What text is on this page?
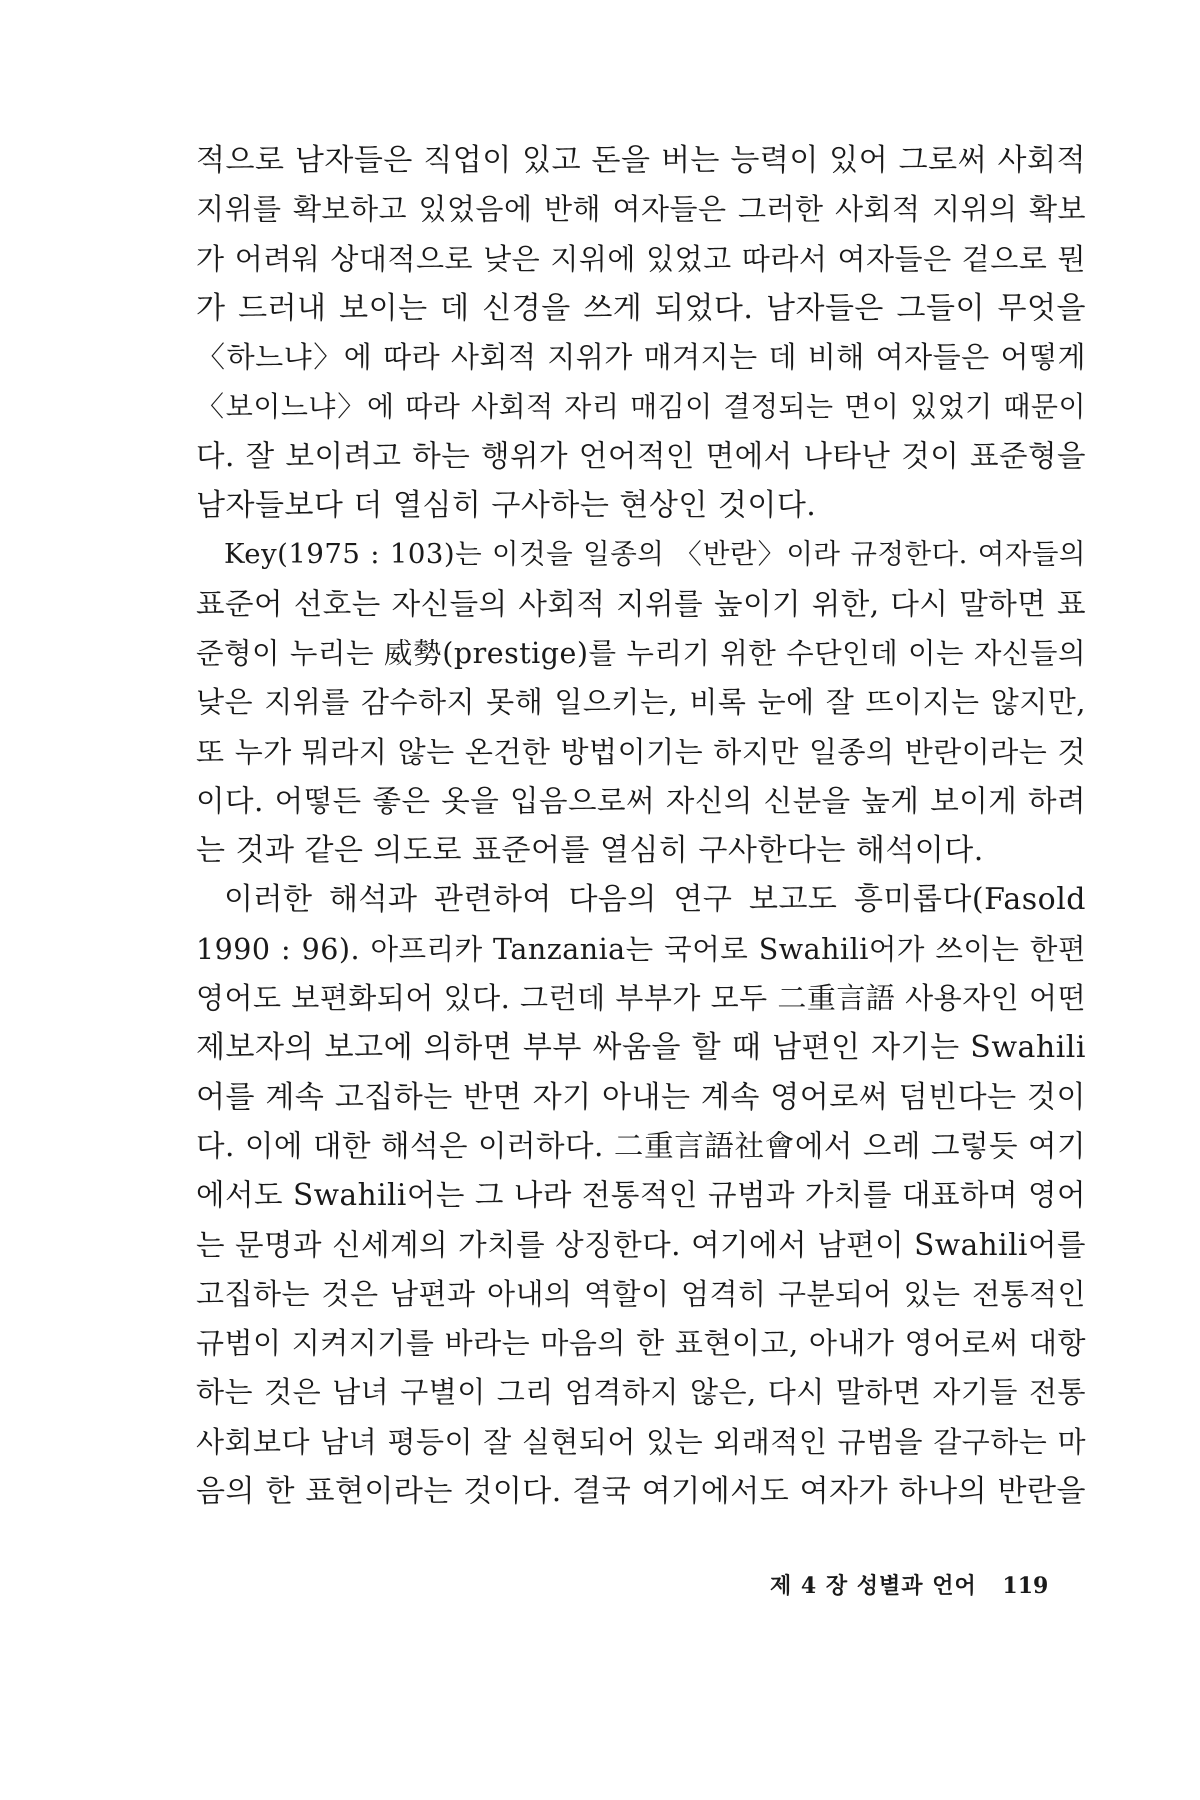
적으로 남자들은 직업이 있고 돈을 버는 능력이 있어 그로써 사회적
지위를 확보하고 있었음에 반해 여자들은 그러한 사회적 지위의 확보
가 어려워 상대적으로 낮은 지위에 있었고 따라서 여자들은 겉으로 뭔
가 드러내 보이는 데 신경을 쓰게 되었다. 남자들은 그들이 무엇을
〈하느냐〉에 따라 사회적 지위가 매겨지는 데 비해 여자들은 어떻게
〈보이느냐〉에 따라 사회적 자리 매김이 결정되는 면이 있었기 때문이
다. 잘 보이려고 하는 행위가 언어적인 면에서 나타난 것이 표준형을
남자들보다 더 열심히 구사하는 현상인 것이다.
Key(1975 : 103)는 이것을 일종의 〈반란〉이라 규정한다. 여자들의
표준어 선호는 자신들의 사회적 지위를 높이기 위한, 다시 말하면 표
준형이 누리는 威勢(prestige)를 누리기 위한 수단인데 이는 자신들의
낮은 지위를 감수하지 못해 일으키는, 비록 눈에 잘 뜨이지는 않지만,
또 누가 뭐라지 않는 온건한 방법이기는 하지만 일종의 반란이라는 것
이다. 어떻든 좋은 옷을 입음으로써 자신의 신분을 높게 보이게 하려
는 것과 같은 의도로 표준어를 열심히 구사한다는 해석이다.
이러한 해석과 관련하여 다음의 연구 보고도 흥미롭다(Fasold
1990 : 96). 아프리카 Tanzania는 국어로 Swahili어가 쓰이는 한편
영어도 보편화되어 있다. 그런데 부부가 모두 二重言語 사용자인 어떤
제보자의 보고에 의하면 부부 싸움을 할 때 남편인 자기는 Swahili
어를 계속 고집하는 반면 자기 아내는 계속 영어로써 덤빈다는 것이
다. 이에 대한 해석은 이러하다. 二重言語社會에서 으레 그렇듯 여기
에서도 Swahili어는 그 나라 전통적인 규범과 가치를 대표하며 영어
는 문명과 신세계의 가치를 상징한다. 여기에서 남편이 Swahili어를
고집하는 것은 남편과 아내의 역할이 엄격히 구분되어 있는 전통적인
규범이 지켜지기를 바라는 마음의 한 표현이고, 아내가 영어로써 대항
하는 것은 남녀 구별이 그리 엄격하지 않은, 다시 말하면 자기들 전통
사회보다 남녀 평등이 잘 실현되어 있는 외래적인 규범을 갈구하는 마
음의 한 표현이라는 것이다. 결국 여기에서도 여자가 하나의 반란을
제 4 장 성별과 언어 119
